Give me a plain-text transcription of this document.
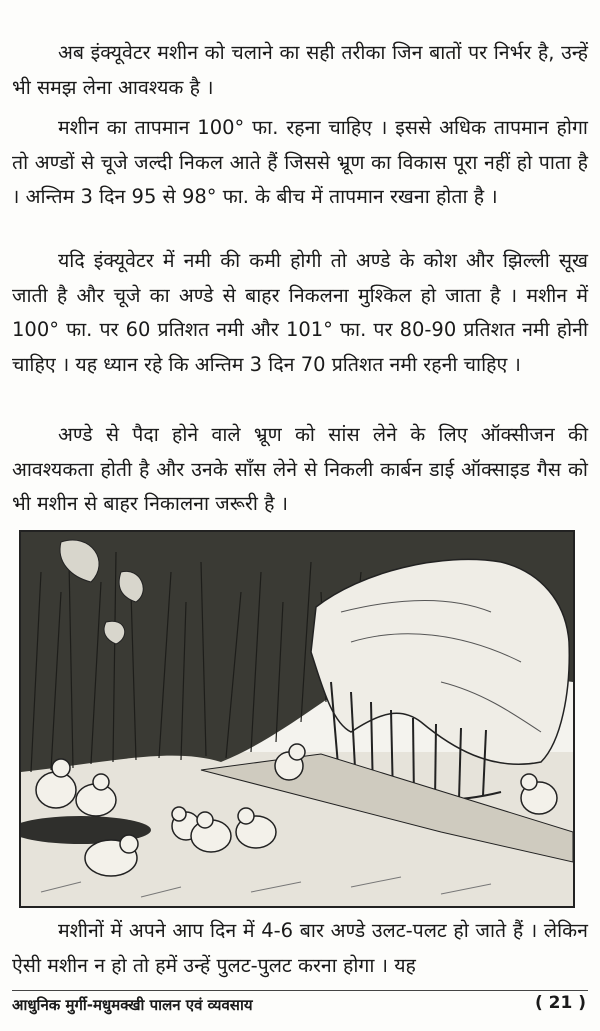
अब इंक्यूवेटर मशीन को चलाने का सही तरीका जिन बातों पर निर्भर है, उन्हें भी समझ लेना आवश्यक है ।

मशीन का तापमान 100° फा. रहना चाहिए । इससे अधिक तापमान होगा तो अण्डों से चूजे जल्दी निकल आते हैं जिससे भ्रूण का विकास पूरा नहीं हो पाता है । अन्तिम 3 दिन 95 से 98° फा. के बीच में तापमान रखना होता है ।

यदि इंक्यूवेटर में नमी की कमी होगी तो अण्डे के कोश और झिल्ली सूख जाती है और चूजे का अण्डे से बाहर निकलना मुश्किल हो जाता है । मशीन में 100° फा. पर 60 प्रतिशत नमी और 101° फा. पर 80-90 प्रतिशत नमी होनी चाहिए । यह ध्यान रहे कि अन्तिम 3 दिन 70 प्रतिशत नमी रहनी चाहिए ।

अण्डे से पैदा होने वाले भ्रूण को सांस लेने के लिए ऑक्सीजन की आवश्यकता होती है और उनके साँस लेने से निकली कार्बन डाई ऑक्साइड गैस को भी मशीन से बाहर निकालना जरूरी है ।

मशीनों में अपने आप दिन में 4-6 बार अण्डे उलट-पलट हो जाते हैं । लेकिन ऐसी मशीन न हो तो हमें उन्हें पुलट-पुलट करना होगा । यह

आधुनिक मुर्गी-मधुमक्खी पालन एवं व्यवसाय	( 21 )
